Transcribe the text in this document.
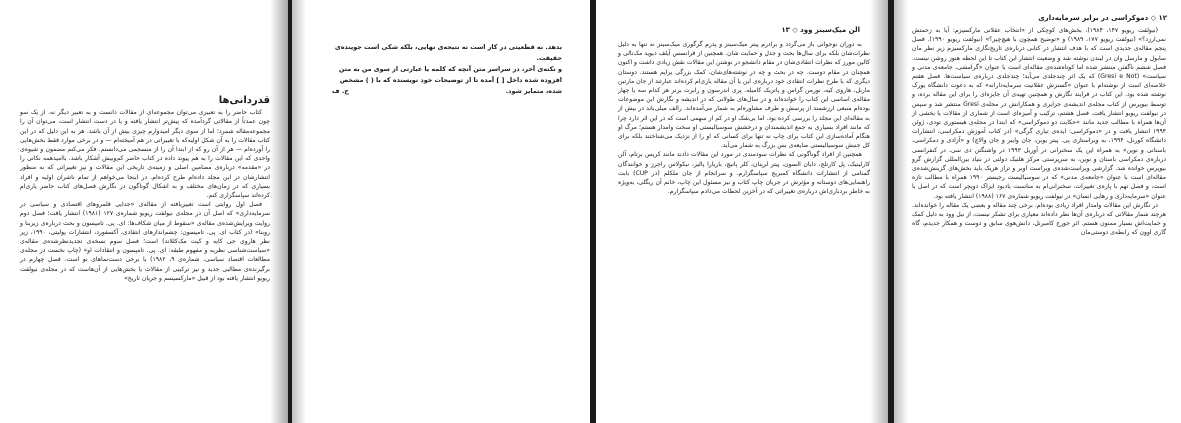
قدردانی‌ها

کتاب حاضر را به تعبیری می‌توان مجموعه‌ای از مقالات دانست و به تعبیر دیگر نه. از یک سو چون عمدتاً از مقالاتی گردآمده که پیش‌تر انتشار یافته و یا در دست انتشار است، می‌توان آن را مجموعه‌مقاله شمرد؛ اما از سوی دیگر امیدوارم چیزی بیش از آن باشد. هر به این دلیل که در این کتاب مقالات را به آن شکل اولیه‌که با تغییراتی در هم آمیخته‌ام — و در برخی موارد فقط بخش‌هایی را آورده‌ام — هر از آن رو که از ابتدا آن را از منسجمی می‌دانستم. فکر می‌کنم مضمون و شیوه‌ی واحدی که این مقالات را به هم پیوند داده در کتاب حاضر کم‌وبیش آشکار باشد. باامیدهمه نکاتی را در «مقدمه» درباره‌ی مضامین اصلی و زمینه‌ی تاریخی این مقالات و نیز تغییراتی که به منظور انتشارشان در این مجلد داده‌ام طرح کرده‌ام. در اینجا می‌خواهم از تمام ناشران اولیه و افراد بسیاری که در زمان‌های مختلف و به اشکال گوناگون در نگارش فصل‌های کتاب حاضر یاری‌ام کرده‌اند سپاسگزاری کنم.

فصل اول روایتی است تغییریافته از مقاله‌ی «جدایی قلمروهای اقتصادی و سیاسی در سرمایه‌داری» که اصل آن در مجله‌ی نیولفت ریویو شماره‌ی ۱۲۷ (۱۹۸۱) انتشار یافت؛ فصل دوم روایت ویرایش‌شده‌ی مقاله‌ی «سقوط از میان شکاف‌ها: ای. پی. تامپسون و بحث درباره‌ی زیربنا و روبنا» (در کتاب ای. پی. تامپسون: چشم‌اندازهای انتقادی، آکسفورد، انتشارات پولیتی، ۱۹۹۰، زیر نظر هاروی جی کایه و کیت مک‌کللاند) است؛ فصل سوم نسخه‌ی تجدیدنظرشده‌ی مقاله‌ی «سیاست‌شناسی نظریه و مفهوم طبقه: ای. پی. تامپسون و انتقادات او» (چاپ نخست در مجله‌ی مطالعات اقتصاد سیاسی، شماره‌ی ۹، ۱۹۸۲) با برخی دست‌نماهای نو است. فصل چهارم در برگیرنده‌ی مطالبی جدید و نیز ترکیبی از مقالات یا بخش‌هایی از آن‌هاست که در مجله‌ی نیولفت ریویو انتشار یافته بود از قبیل «مارکسیسم و جریان تاریخ»

بدهد. نه قطعیتی در کار است نه نتیجه‌ی نهایی، بلکه شکی است جوینده‌ی حقیقت.
و نکته‌ی آخر، در سراسر متن آنچه که کلمه یا عبارتی از سوی من به متن افزوده شده داخل [ ] آمده تا از توضیحات خود نویسنده که با ( ) مشخص شده، متمایز شود.
ح. ف
الن میک‌سینز وود ◇ ۱۳

به دوران نوجوانی باز می‌گردد و برادرم پیتر میک‌سینز و پدرم گرگوری میک‌سینز نه تنها به دلیل نظرات‌شان بلکه برای سال‌ها بحث و جدل و حمایت‌ شان. همچنین از فرانسس آیلف دیوید مک‌نالی و کالین مورز که نظرات انتقادی‌شان در مقام دانشجو در نوشتن این مقالات نقش زیادی داشت و اکنون همچنان در مقام دوست. چه در بحث و چه در نوشته‌های‌شان، کمک بزرگی برایم هستند. دوستان دیگری که با طرح نظرات انتقادی خود درباره‌ی این یا آن مقاله یاری‌ام کرده‌اند عبارتند از جان مارتین ماربل، هاروی کیه، نورمن گراس و پاتریک کامیله. پری اندرسون و رابرت برنر هر کدام سه یا چهار مقاله‌ی اساسی این کتاب را خوانده‌اند و در سال‌های طولانی که در اندیشه و نگارش این موضوعات بوده‌ام منبعی ارزشمند از پرسش و طرف مشاوره‌ام به شمار می‌آمده‌اند. رالف میلی‌باند در بیش از به مقاله‌ای این مجلد را بررسی کرده بود. اما بی‌شک او در کم از سهمی است که در این اثر دارد چرا که مانند افراد بسیاری به جمع اندیشمندان و درخشش سوسیالیستی او سخت وامدار هستم؛ مرگ او هنگام آماده‌سازی این کتاب برای چاپ نه تنها برای کسانی که او را از نزدیک می‌شناختند بلکه برای کل جنبش سوسیالیستی ضایعه‌ی بس بزرگ به شمار می‌آید.

همچنین از افراد گوناگونی که نظرات سودمندی در مورد این مقالات دادند مانند کریس برتام، آلن کارلینیک، پل کارتلج، دایان السون، پیتر لرپنان، کلر پانیچ، باربارا پالیر، نیکولاس راجرز و خوانندگان گمنامی از انتشارات دانشگاه کمبریج سپاسگزارم. و سرانجام از جان ملکلم (در CUP) بابت راهنمایی‌های دوستانه و مؤثرش در جریان چاپ کتاب و نیز مسئول این چاپ، خانم آن ریگلی، به‌ویژه به خاطر بردباری‌اش درباره‌ی تغییراتی که در آخرین لحظات می‌دادم سپاسگزارم.

۱۲ ◇ دموکراسی در برابر سرمایه‌داری

(نیولفت ریویو ۱۴۷، ۱۹۸۴)، بخش‌های کوچکی از «انتخاب عقلانی مارکسیزم: آیا به زحمتش نمی‌ارزد؟» (نیولفت ریویو ۱۷۷، ۱۹۸۹) و «توضیح همچون با هیچ‌چیز؟» (نیولفت ریویو ۱۹۹۰). فصل پنجم مقاله‌ی جدیدی است که با هدف انتشار در کتابی درباره‌ی تاریخ‌نگاری مارکسیزم زیر نظر مان سابول و مارسل وان در لیندن نوشته شد و وضعیت انتشار این کتاب تا این لحظه هنوز روشن نیست. فصل ششم ناگفتن منتشر شده اما کوتاه‌شده‌ی مقاله‌ای است با عنوان «گرامشی، جامعه‌ی مدنی و سیاست» (Gresi e Not) که یک اثر چندجلدی می‌آید؛ چندجلدی درباره‌ی سیاست‌ها. فصل هفتم خلاصه‌ای است از نوشته‌ام با عنوان «گسترش عقلانیت سرمایه‌دارانه» که به دعوت دانشگاه یورک نوشته شده بود. این کتاب در فرایند نگارش و همچنین تهیه‌ی آن جایزه‌ای را برای این مقاله برده، و توسط بیوپرس از کتاب مجله‌ی اندیشه‌ی جزایری و همکارانش در مجله‌ی Gresi منتشر شد و سپس در نیولفت ریویو انتشار یافت. فصل هشتم، ترکیب و آمیزه‌ای است از شماری از مقالات یا بخشی از آن‌ها همراه با مطالب جدید مانند «حکایت دو دموکراسی» که ابتدا در مجله‌ی هیستوری تودی، ژوئن ۱۹۹۴ انتشار یافت و در «دموکراسی: ایده‌ی تیاری گرگی» (در کتاب آموزش دمکراسی، انتشارات دانشگاه کورنل، ۱۹۹۴، به ویراستاری پی. پیتر یوبن، جان وایبر و جان والاچ) و «آزادی و دمکراسی، باستانی و نوین» به همراه این یک سخنرانی در آوریل ۱۹۹۳ در واشنگتن دی سی، در کنفرانسی درباره‌ی دمکراسی باستان و نوین، به سرپرستی مرکز هلنیک دولتی در بنیاد بین‌المللی گزارش گرو بیوپرس خوانده شد. گزارشی ویراست‌شده‌ی ویراست اوبر و تراز هریک باید بخش‌های گزینش‌شده‌ی مقاله‌ای است با عنوان «جامعه‌ی مدنی» که در سوسیالیست رجیستر ۱۹۹۰ همراه با مطالب تازه است، و فصل نهم با پاره‌ی تغییرات، سخنرانی‌ام به مناسبت یادبود ایزاک دویچر است که در اصل با عنوان «سرمایه‌داری و رهایی انسان» در نیولفت ریویو شماره‌ی ۱۶۷ (۱۹۸۸) انتشار یافته بود.

در نگارش این مقالات وامدار افراد زیادی بوده‌ام. برخی چند مقاله و بعضی یک مقاله را خوانده‌اند. هرچند شمار مقالاتی که درباره‌ی آن‌ها نظر داده‌اند معیاری برای تشکر نیست، از نیل وود به دلیل کمک و حمایت‌اش بسیار ممنون هستم. اثر جورج کامبرنل، دانش‌هوی سابق و دوست و همکار جدیدم، گاه‌ گاری اوون که رابطه‌ی دوستی‌مان
